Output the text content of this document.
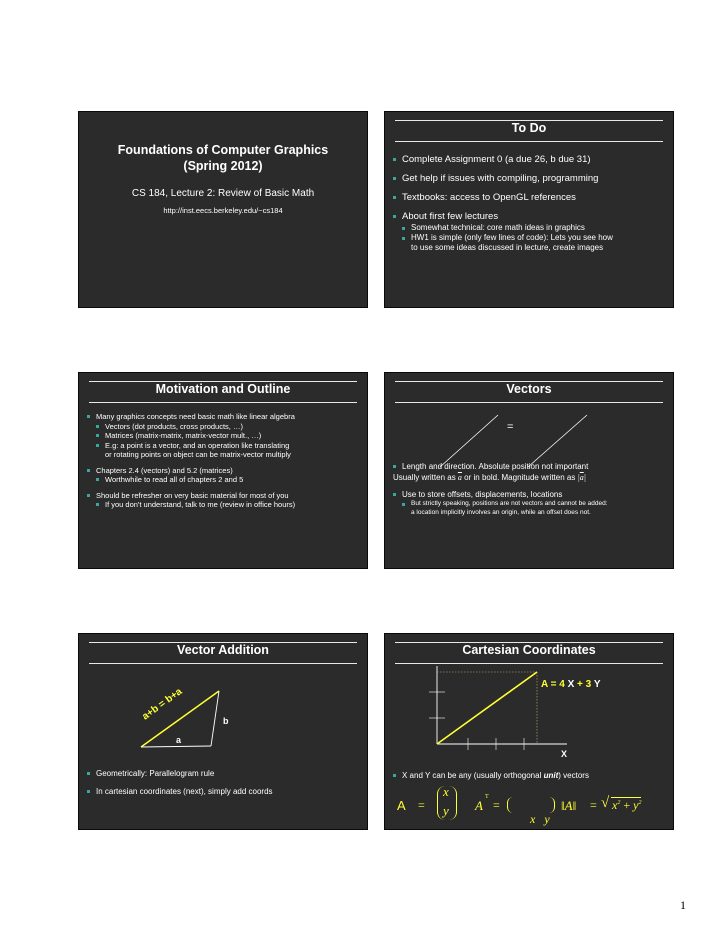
Foundations of Computer Graphics
(Spring 2012)
CS 184, Lecture 2: Review of Basic Math
http://inst.eecs.berkeley.edu/~cs184
To Do
Complete Assignment 0 (a due 26, b due 31)
Get help if issues with compiling, programming
Textbooks: access to OpenGL references
About first few lectures
Somewhat technical: core math ideas in graphics
HW1 is simple (only few lines of code): Lets you see how
to use some ideas discussed in lecture, create images
Motivation and Outline
Many graphics concepts need basic math like linear algebra
Vectors (dot products, cross products, …)
Matrices (matrix-matrix, matrix-vector mult., …)
E.g: a point is a vector, and an operation like translating
or rotating points on object can be matrix-vector multiply
Chapters 2.4 (vectors) and 5.2 (matrices)
Worthwhile to read all of chapters 2 and 5
Should be refresher on very basic material for most of you
If you don't understand, talk to me (review in office hours)
Vectors
=
Length and direction. Absolute position not important
Usually written as $\overline{a}$ or in bold. Magnitude written as $|\overline{a}|$
Use to store offsets, displacements, locations
But strictly speaking, positions are not vectors and cannot be added:
a location implicitly involves an origin, while an offset does not.
Vector Addition
a+b = b+a	b
a
Geometrically: Parallelogram rule
In cartesian coordinates (next), simply add coords
Cartesian Coordinates
A = 4 X + 3 Y
X
X and Y can be any (usually orthogonal unit) vectors
A =
x
y A
T
=

x   y

‖A‖ = √ $x^2 + y^2$
1
